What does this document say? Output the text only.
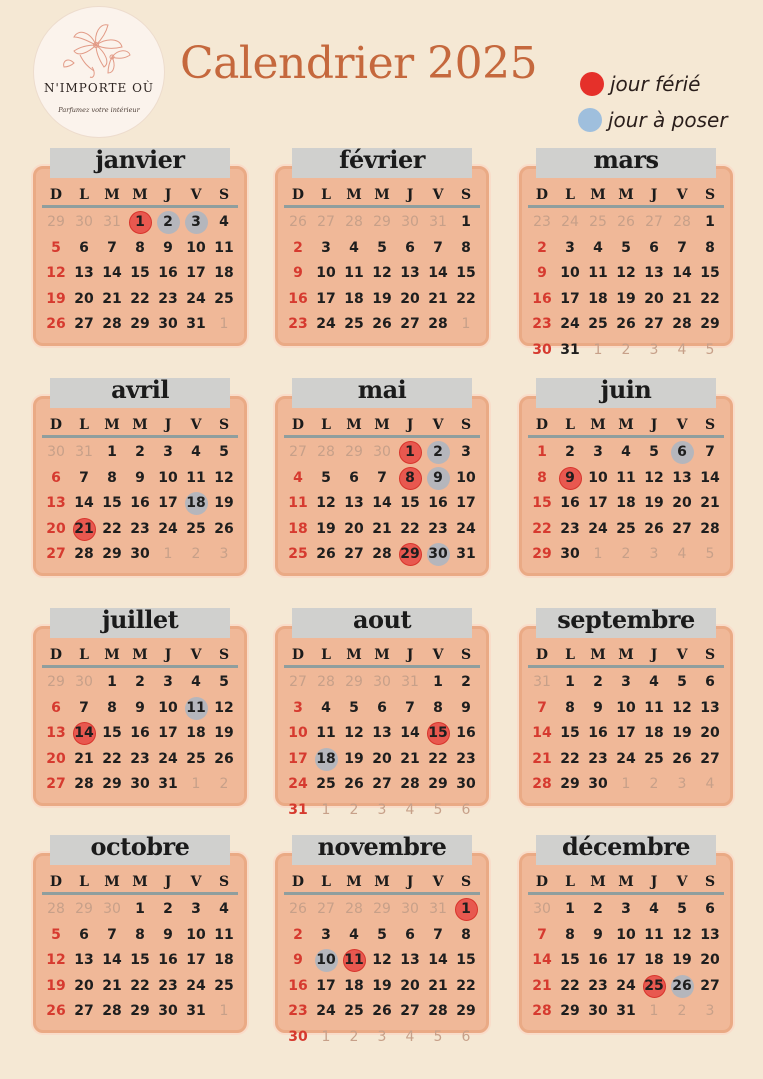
N'IMPORTE OÙ
Parfumez votre intérieur
Calendrier 2025	jour férié
jour à poser
janvier
D	L	M M	J	V	S
29 30 31	1	2	3	4
5	6	7	8	9 10 11
12 13 14 15 16 17 18
19 20 21 22 23 24 25
26 27 28 29 30 31 1
février
D	L	M M	J	V	S
26 27 28 29 30 31	1
2	3	4	5	6	7	8
9 10 11 12 13 14 15
16 17 18 19 20 21 22
23 24 25 26 27 28 1
mars
D	L	M M	J	V	S
23 24 25 26 27 28	1
2	3	4	5	6	7	8
9 10 11 12 13 14 15
16 17 18 19 20 21 22
23 24 25 26 27 28 29
30 31 1	2	3	4	5
avril
D	L	M M	J	V	S
30 31	1	2	3	4	5
6	7	8	9 10 11 12
13 14 15 16 17 18 19
20 21 22 23 24 25 26
27 28 29 30 1	2	3
mai
D	L	M M	J	V	S
27 28 29 30	1	2	3
4	5	6	7	8	9 10
11 12 13 14 15 16 17
18 19 20 21 22 23 24
25 26 27 28 29 30 31
juin
D	L	M M	J	V	S
1	2	3	4	5	6	7
8	9 10 11 12 13 14
15 16 17 18 19 20 21
22 23 24 25 26 27 28
29 30 1	2	3	4	5
juillet
D	L	M M	J	V	S
29 30	1	2	3	4	5
6	7	8	9 10 11 12
13 14 15 16 17 18 19
20 21 22 23 24 25 26
27 28 29 30 31 1	2
aout
D	L	M M	J	V	S
27 28 29 30 31	1	2
3	4	5	6	7	8	9
10 11 12 13 14 15 16
17 18 19 20 21 22 23
24 25 26 27 28 29 30
31 1	2	3	4	5	6
septembre
D	L	M M	J	V	S
31	1	2	3	4	5	6
7	8	9 10 11 12 13
14 15 16 17 18 19 20
21 22 23 24 25 26 27
28 29 30 1	2	3	4
octobre
D	L	M M	J	V	S
28 29 30	1	2	3	4
5	6	7	8	9 10 11
12 13 14 15 16 17 18
19 20 21 22 23 24 25
26 27 28 29 30 31 1
novembre
D	L	M M	J	V	S
26 27 28 29 30 31	1
2	3	4	5	6	7	8
9 10 11 12 13 14 15
16 17 18 19 20 21 22
23 24 25 26 27 28 29
30 1	2	3	4	5	6
décembre
D	L	M M	J	V	S
30	1	2	3	4	5	6
7	8	9 10 11 12 13
14 15 16 17 18 19 20
21 22 23 24 25 26 27
28 29 30 31 1	2	3
